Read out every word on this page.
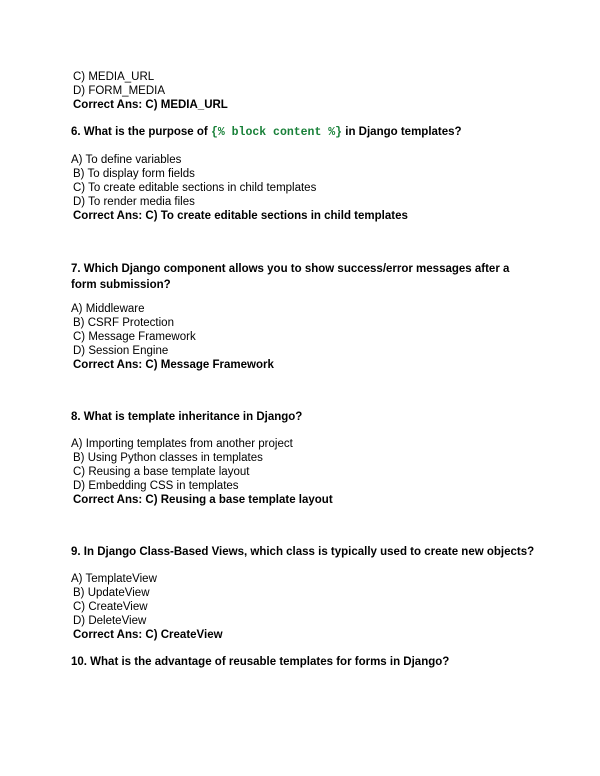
C) MEDIA_URL
D) FORM_MEDIA
Correct Ans: C) MEDIA_URL
6. What is the purpose of {% block content %} in Django templates?
A) To define variables
B) To display form fields
C) To create editable sections in child templates
D) To render media files
Correct Ans: C) To create editable sections in child templates
7. Which Django component allows you to show success/error messages after a form submission?
A) Middleware
B) CSRF Protection
C) Message Framework
D) Session Engine
Correct Ans: C) Message Framework
8. What is template inheritance in Django?
A) Importing templates from another project
B) Using Python classes in templates
C) Reusing a base template layout
D) Embedding CSS in templates
Correct Ans: C) Reusing a base template layout
9. In Django Class-Based Views, which class is typically used to create new objects?
A) TemplateView
B) UpdateView
C) CreateView
D) DeleteView
Correct Ans: C) CreateView
10. What is the advantage of reusable templates for forms in Django?
